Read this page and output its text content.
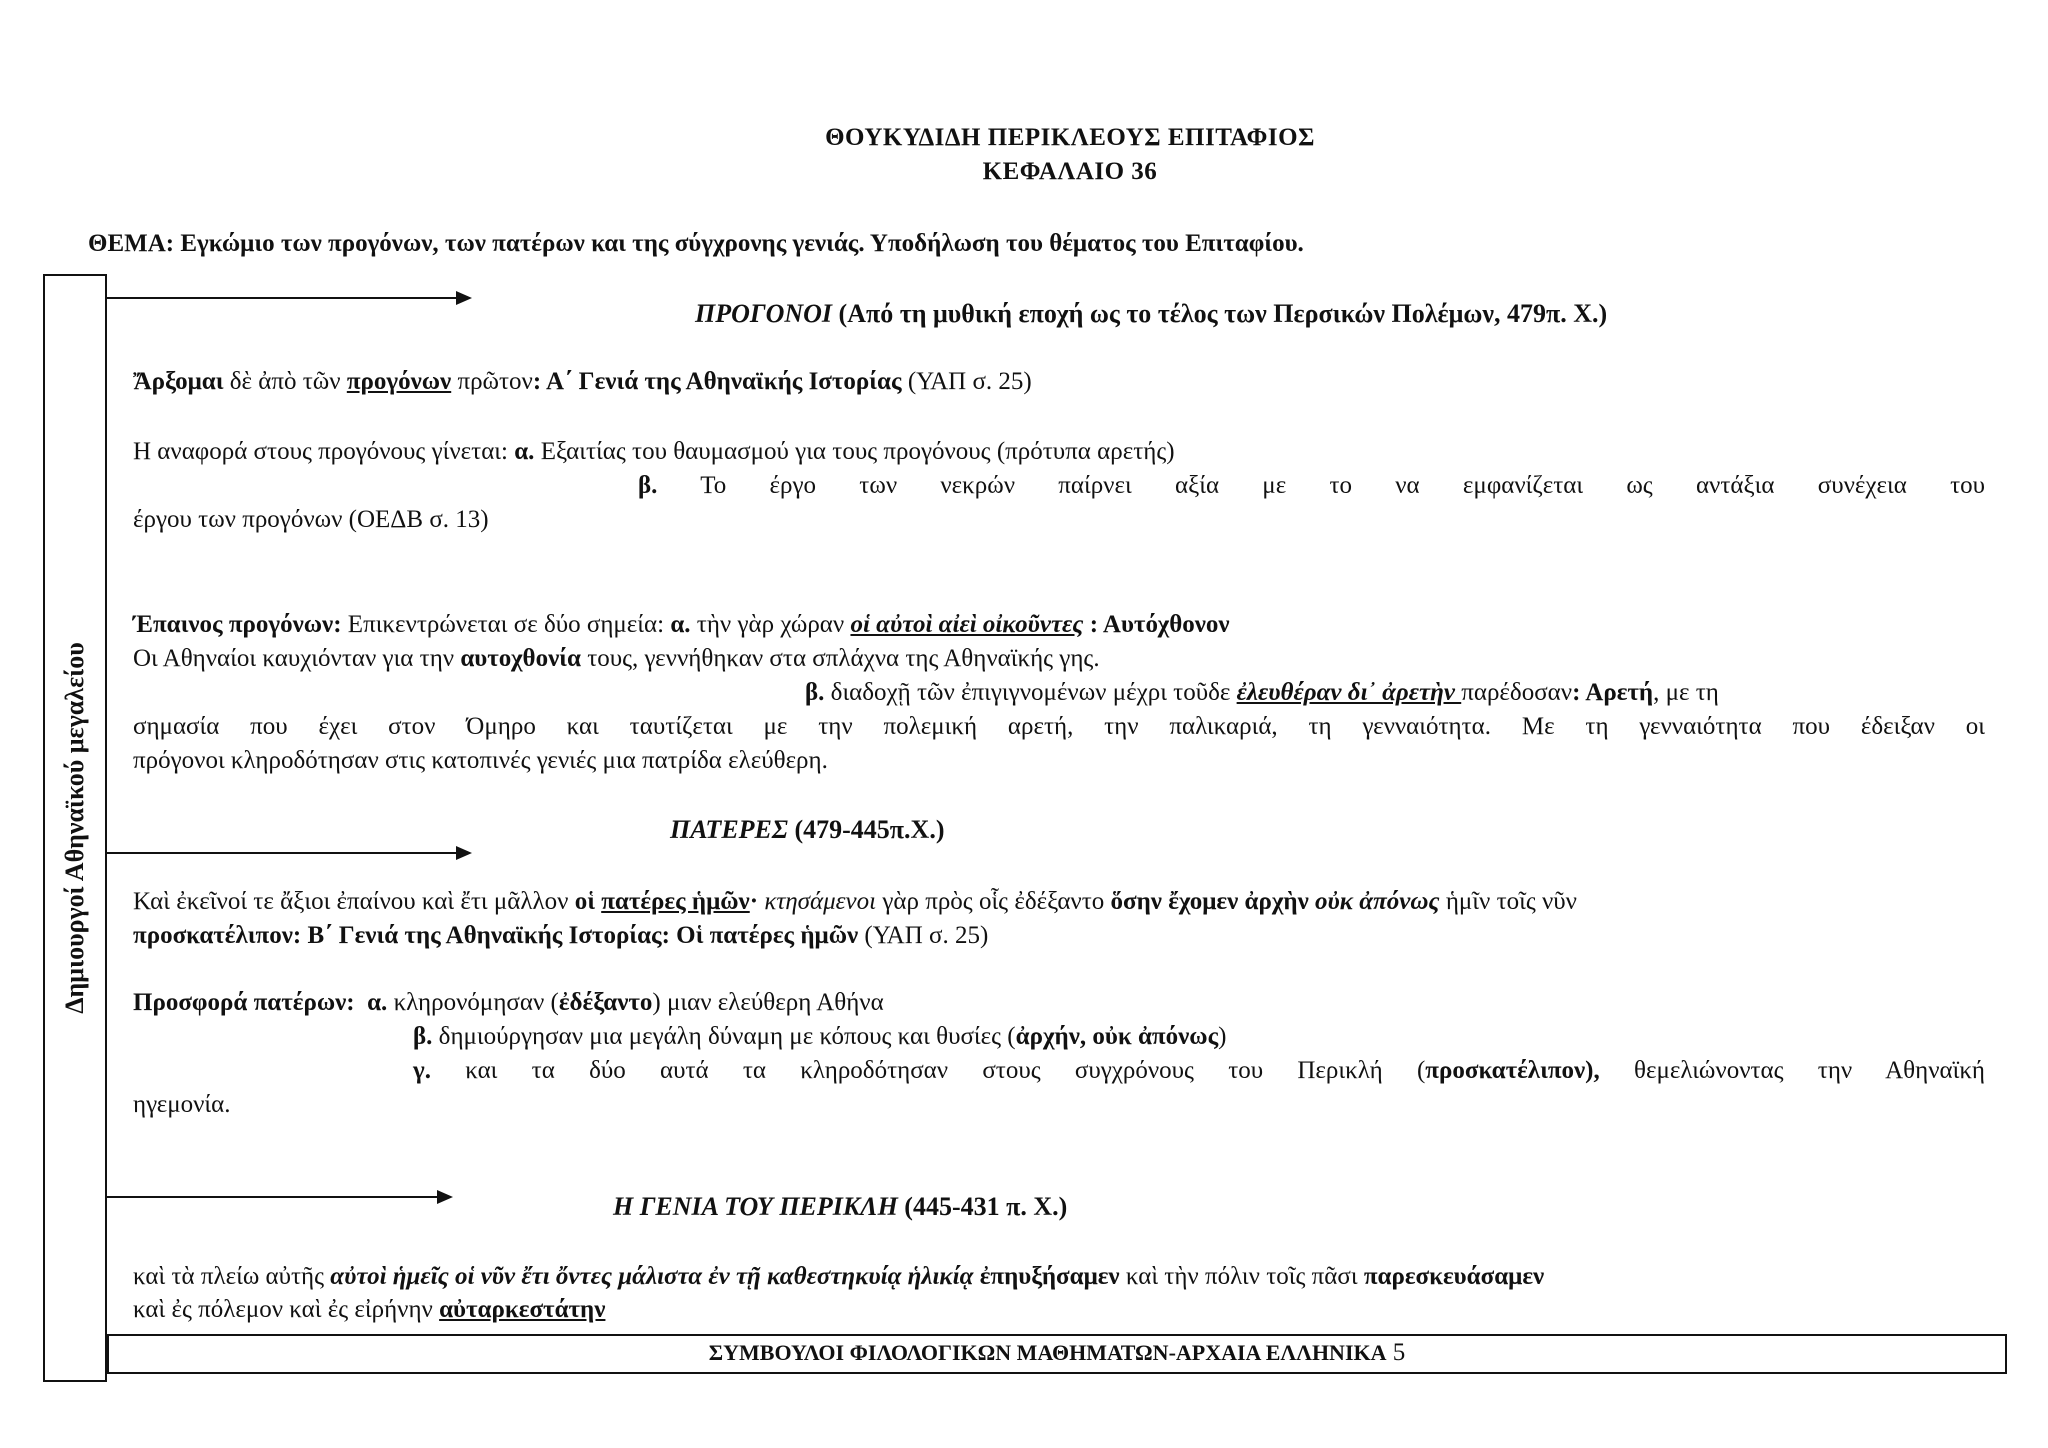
ΘΟΥΚΥΔΙΔΗ ΠΕΡΙΚΛΕΟΥΣ ΕΠΙΤΑΦΙΟΣ
ΚΕΦΑΛΑΙΟ 36
ΘΕΜΑ: Εγκώμιο των προγόνων, των πατέρων και της σύγχρονης γενιάς. Υποδήλωση του θέματος του Επιταφίου.
Δημιουργοί Αθηναϊκού μεγαλείου
ΠΡΟΓΟΝΟΙ (Από τη μυθική εποχή ως το τέλος των Περσικών Πολέμων, 479π. Χ.)
Ἄρξομαι δὲ ἀπὸ τῶν προγόνων πρῶτον: Α΄ Γενιά της Αθηναϊκής Ιστορίας (ΥΑΠ σ. 25)
Η αναφορά στους προγόνους γίνεται: α. Εξαιτίας του θαυμασμού για τους προγόνους (πρότυπα αρετής)
β. Το έργο των νεκρών παίρνει αξία με το να εμφανίζεται ως αντάξια συνέχεια του
έργου των προγόνων (ΟΕΔΒ σ. 13)
Έπαινος προγόνων: Επικεντρώνεται σε δύο σημεία: α. τὴν γὰρ χώραν οἱ αὐτοὶ αἰεὶ οἰκοῦντες : Αυτόχθονον
Οι Αθηναίοι καυχιόνταν για την αυτοχθονία τους, γεννήθηκαν στα σπλάχνα της Αθηναϊκής γης.
β. διαδοχῇ τῶν ἐπιγιγνομένων μέχρι τοῦδε ἐλευθέραν δι᾽ ἀρετὴν παρέδοσαν: Αρετή, με τη
σημασία που έχει στον Όμηρο και ταυτίζεται με την πολεμική αρετή, την παλικαριά, τη γενναιότητα. Με τη γενναιότητα που έδειξαν οι
πρόγονοι κληροδότησαν στις κατοπινές γενιές μια πατρίδα ελεύθερη.
ΠΑΤΕΡΕΣ (479-445π.Χ.)
Καὶ ἐκεῖνοί τε ἄξιοι ἐπαίνου καὶ ἔτι μᾶλλον οἱ πατέρες ἡμῶν· κτησάμενοι γὰρ πρὸς οἷς ἐδέξαντο ὅσην ἔχομεν ἀρχὴν οὐκ ἀπόνως ἡμῖν τοῖς νῦν
προσκατέλιπον: Β΄ Γενιά της Αθηναϊκής Ιστορίας: Οἱ πατέρες ἡμῶν (ΥΑΠ σ. 25)
Προσφορά πατέρων: α. κληρονόμησαν (ἐδέξαντο) μιαν ελεύθερη Αθήνα
β. δημιούργησαν μια μεγάλη δύναμη με κόπους και θυσίες (ἀρχήν, οὐκ ἀπόνως)
γ. και τα δύο αυτά τα κληροδότησαν στους συγχρόνους του Περικλή (προσκατέλιπον), θεμελιώνοντας την Αθηναϊκή
ηγεμονία.
Η ΓΕΝΙΑ ΤΟΥ ΠΕΡΙΚΛΗ (445-431 π. Χ.)
καὶ τὰ πλείω αὐτῆς αὐτοὶ ἡμεῖς οἱ νῦν ἔτι ὄντες μάλιστα ἐν τῇ καθεστηκυίᾳ ἡλικίᾳ ἐπηυξήσαμεν καὶ τὴν πόλιν τοῖς πᾶσι παρεσκευάσαμεν
καὶ ἐς πόλεμον καὶ ἐς εἰρήνην αὐταρκεστάτην
ΣΥΜΒΟΥΛΟΙ ΦΙΛΟΛΟΓΙΚΩΝ ΜΑΘΗΜΑΤΩΝ-ΑΡΧΑΙΑ ΕΛΛΗΝΙΚΑ 5
